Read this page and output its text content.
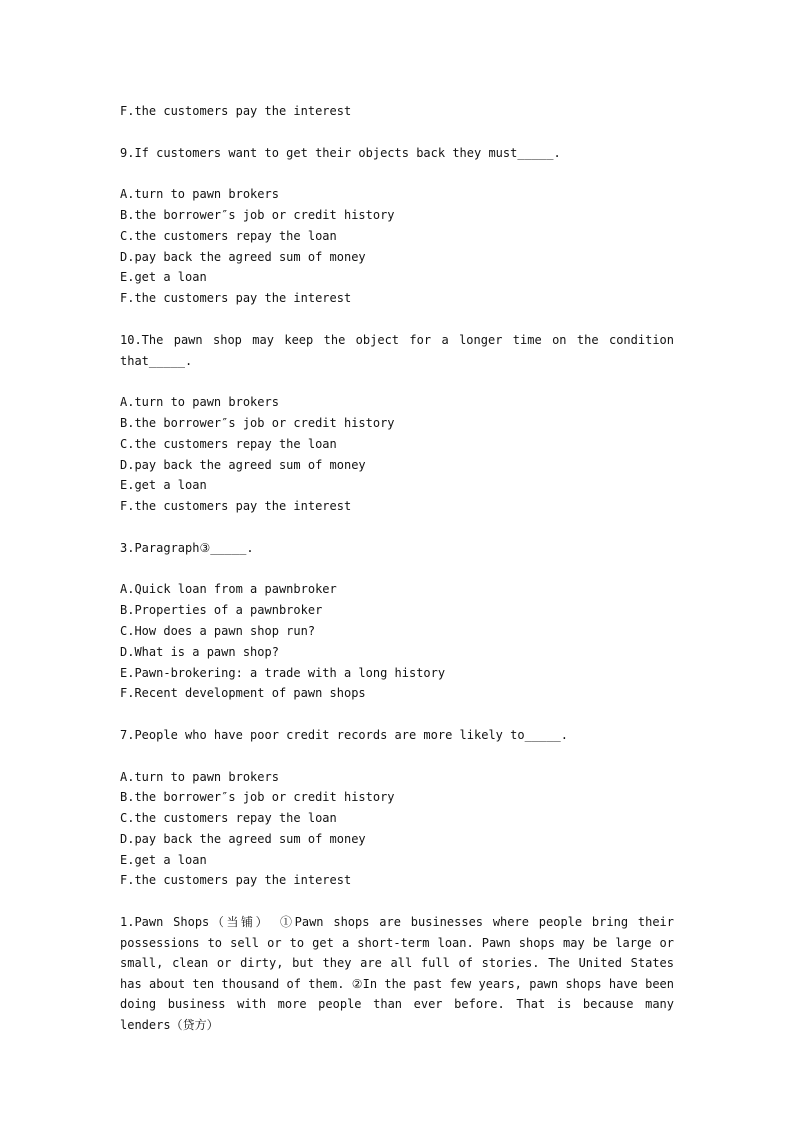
F.the customers pay the interest
9.If customers want to get their objects back they must_____.
A.turn to pawn brokers
B.the borrower″s job or credit history
C.the customers repay the loan
D.pay back the agreed sum of money
E.get a loan
F.the customers pay the interest
10.The pawn shop may keep the object for a longer time on the condition that_____.
A.turn to pawn brokers
B.the borrower″s job or credit history
C.the customers repay the loan
D.pay back the agreed sum of money
E.get a loan
F.the customers pay the interest
3.Paragraph③_____.
A.Quick loan from a pawnbroker
B.Properties of a pawnbroker
C.How does a pawn shop run?
D.What is a pawn shop?
E.Pawn-brokering: a trade with a long history
F.Recent development of pawn shops
7.People who have poor credit records are more likely to_____.
A.turn to pawn brokers
B.the borrower″s job or credit history
C.the customers repay the loan
D.pay back the agreed sum of money
E.get a loan
F.the customers pay the interest
1.Pawn Shops（当铺） ①Pawn shops are businesses where people bring their possessions to sell or to get a short-term loan. Pawn shops may be large or small, clean or dirty, but they are all full of stories. The United States has about ten thousand of them. ②In the past few years, pawn shops have been doing business with more people than ever before. That is because many lenders（贷方）
